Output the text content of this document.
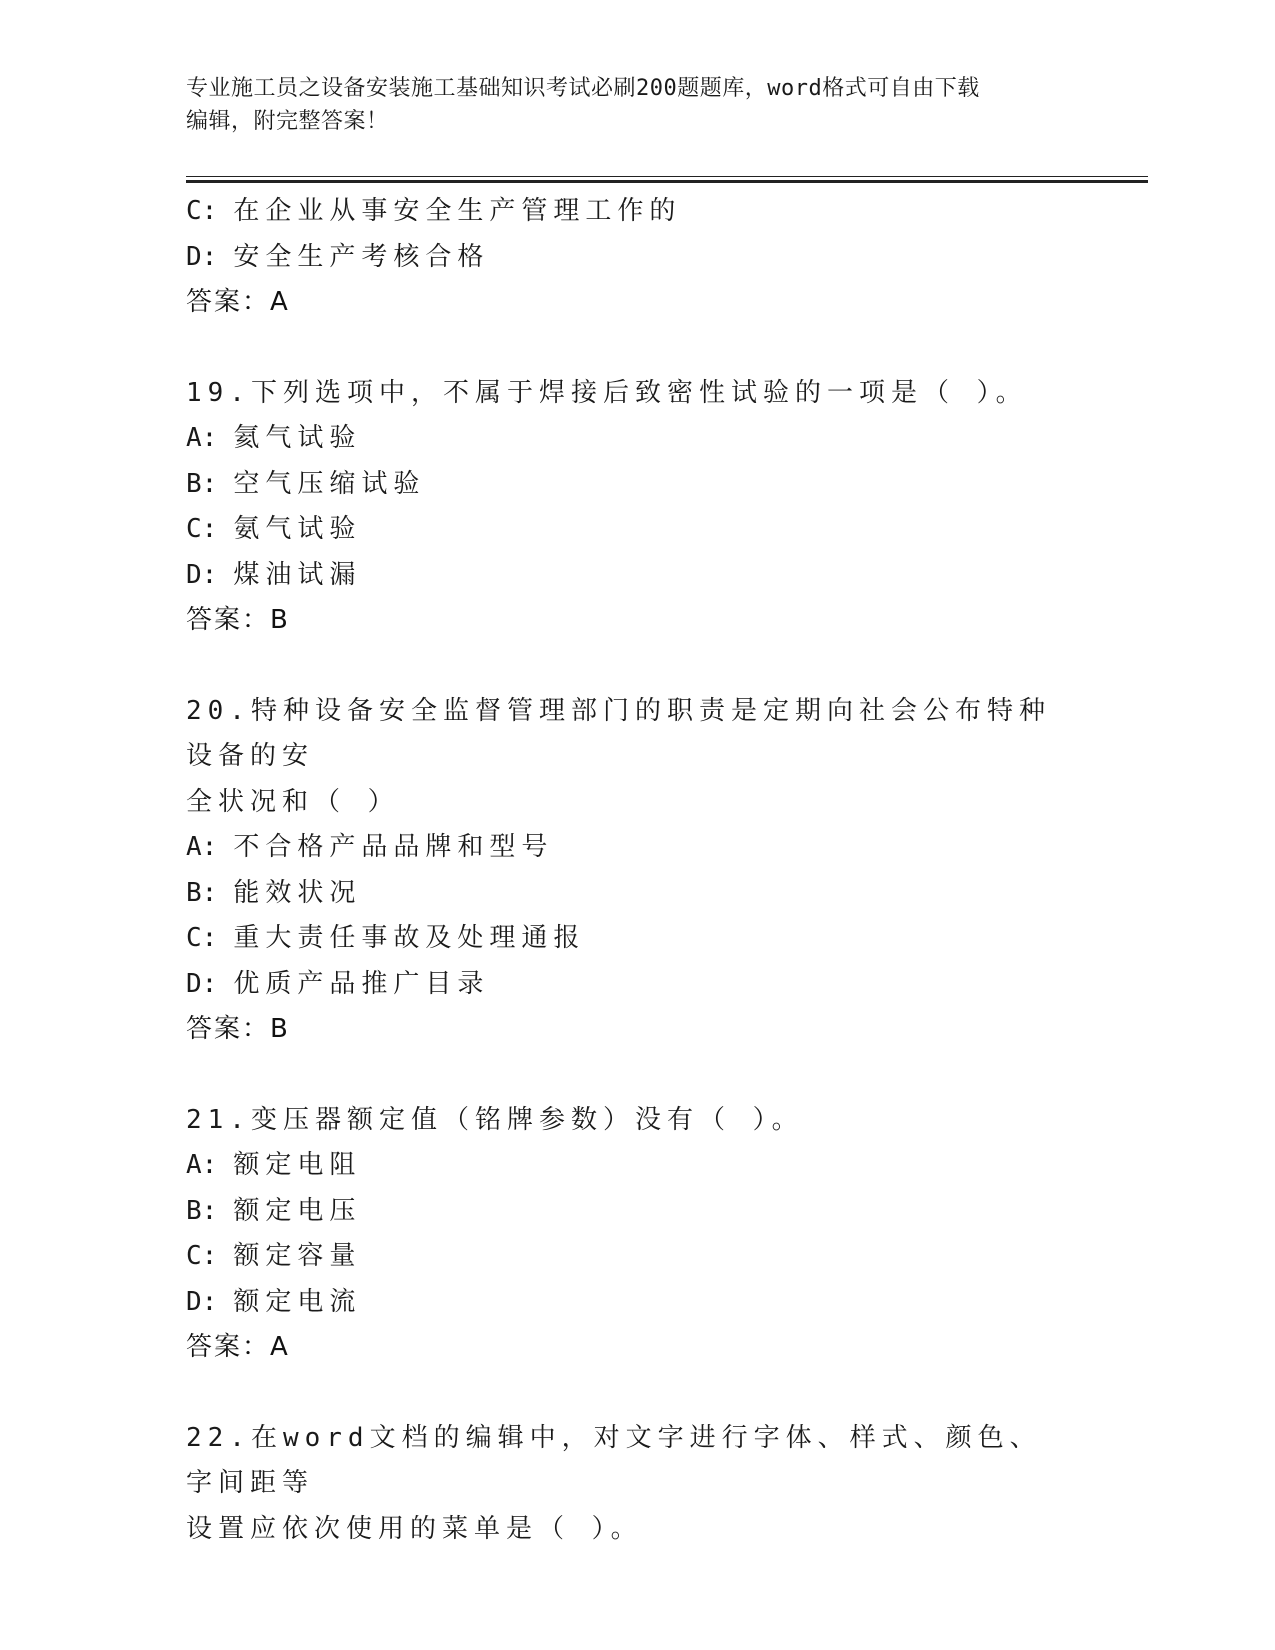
专业施工员之设备安装施工基础知识考试必刷200题题库，word格式可自由下载
编辑，附完整答案！
C: 在企业从事安全生产管理工作的
D: 安全生产考核合格
答案：A
19.下列选项中，不属于焊接后致密性试验的一项是（ ）。
A: 氦气试验
B: 空气压缩试验
C: 氨气试验
D: 煤油试漏
答案：B
20.特种设备安全监督管理部门的职责是定期向社会公布特种设备的安
全状况和（ ）
A: 不合格产品品牌和型号
B: 能效状况
C: 重大责任事故及处理通报
D: 优质产品推广目录
答案：B
21.变压器额定值（铭牌参数）没有（ ）。
A: 额定电阻
B: 额定电压
C: 额定容量
D: 额定电流
答案：A
22.在word文档的编辑中，对文字进行字体、样式、颜色、字间距等
设置应依次使用的菜单是（ ）。
